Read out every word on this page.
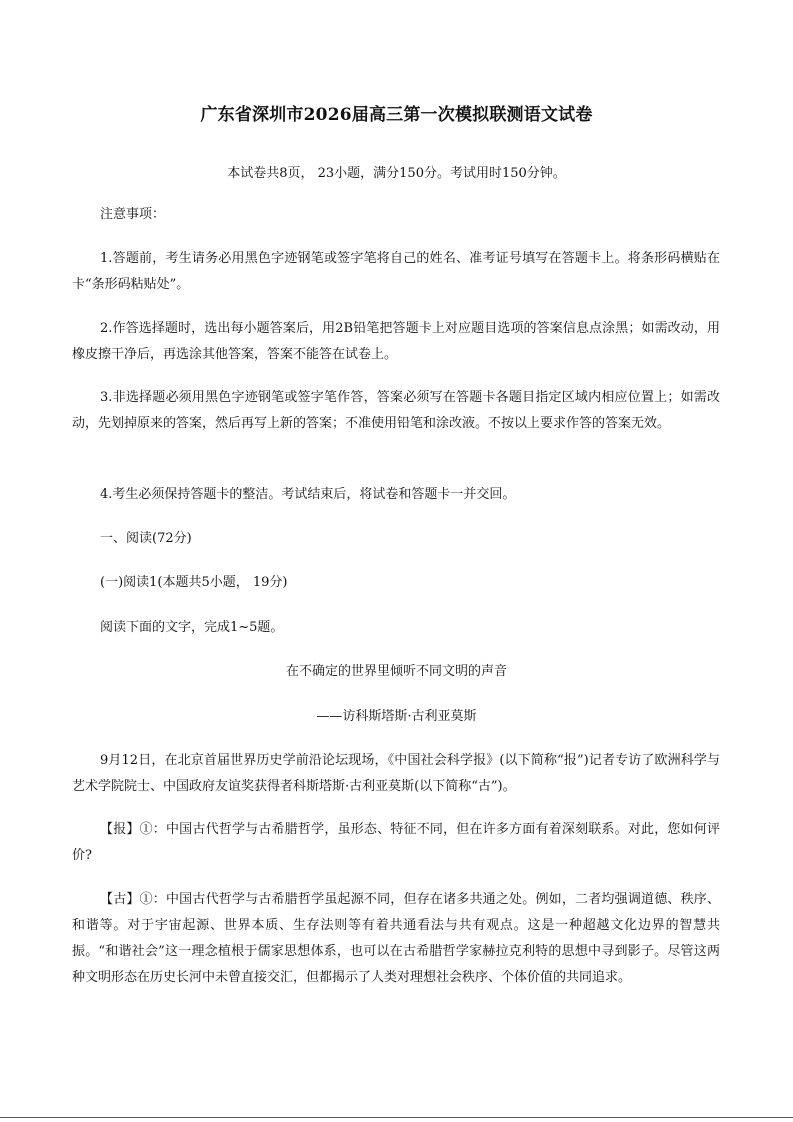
广东省深圳市2026届高三第一次模拟联测语文试卷
本试卷共8页， 23小题，满分150分。考试用时150分钟。
注意事项：
1.答题前，考生请务必用黑色字迹钢笔或签字笔将自己的姓名、准考证号填写在答题卡上。将条形码横贴在卡“条形码粘贴处”。
2.作答选择题时，选出每小题答案后，用2B铅笔把答题卡上对应题目选项的答案信息点涂黑；如需改动，用橡皮擦干净后，再选涂其他答案，答案不能答在试卷上。
3.非选择题必须用黑色字迹钢笔或签字笔作答，答案必须写在答题卡各题目指定区域内相应位置上；如需改动，先划掉原来的答案，然后再写上新的答案；不准使用铅笔和涂改液。不按以上要求作答的答案无效。
4.考生必须保持答题卡的整洁。考试结束后，将试卷和答题卡一并交回。
一、阅读(72分)
(一)阅读1(本题共5小题， 19分)
阅读下面的文字，完成1~5题。
在不确定的世界里倾听不同文明的声音
——访科斯塔斯·古利亚莫斯
9月12日，在北京首届世界历史学前沿论坛现场，《中国社会科学报》(以下简称“报”)记者专访了欧洲科学与艺术学院院士、中国政府友谊奖获得者科斯塔斯·古利亚莫斯(以下简称“古”)。
【报】①：中国古代哲学与古希腊哲学，虽形态、特征不同，但在许多方面有着深刻联系。对此，您如何评价?
【古】①：中国古代哲学与古希腊哲学虽起源不同，但存在诸多共通之处。例如，二者均强调道德、秩序、和谐等。对于宇宙起源、世界本质、生存法则等有着共通看法与共有观点。这是一种超越文化边界的智慧共振。“和谐社会”这一理念植根于儒家思想体系，也可以在古希腊哲学家赫拉克利特的思想中寻到影子。尽管这两种文明形态在历史长河中未曾直接交汇，但都揭示了人类对理想社会秩序、个体价值的共同追求。
